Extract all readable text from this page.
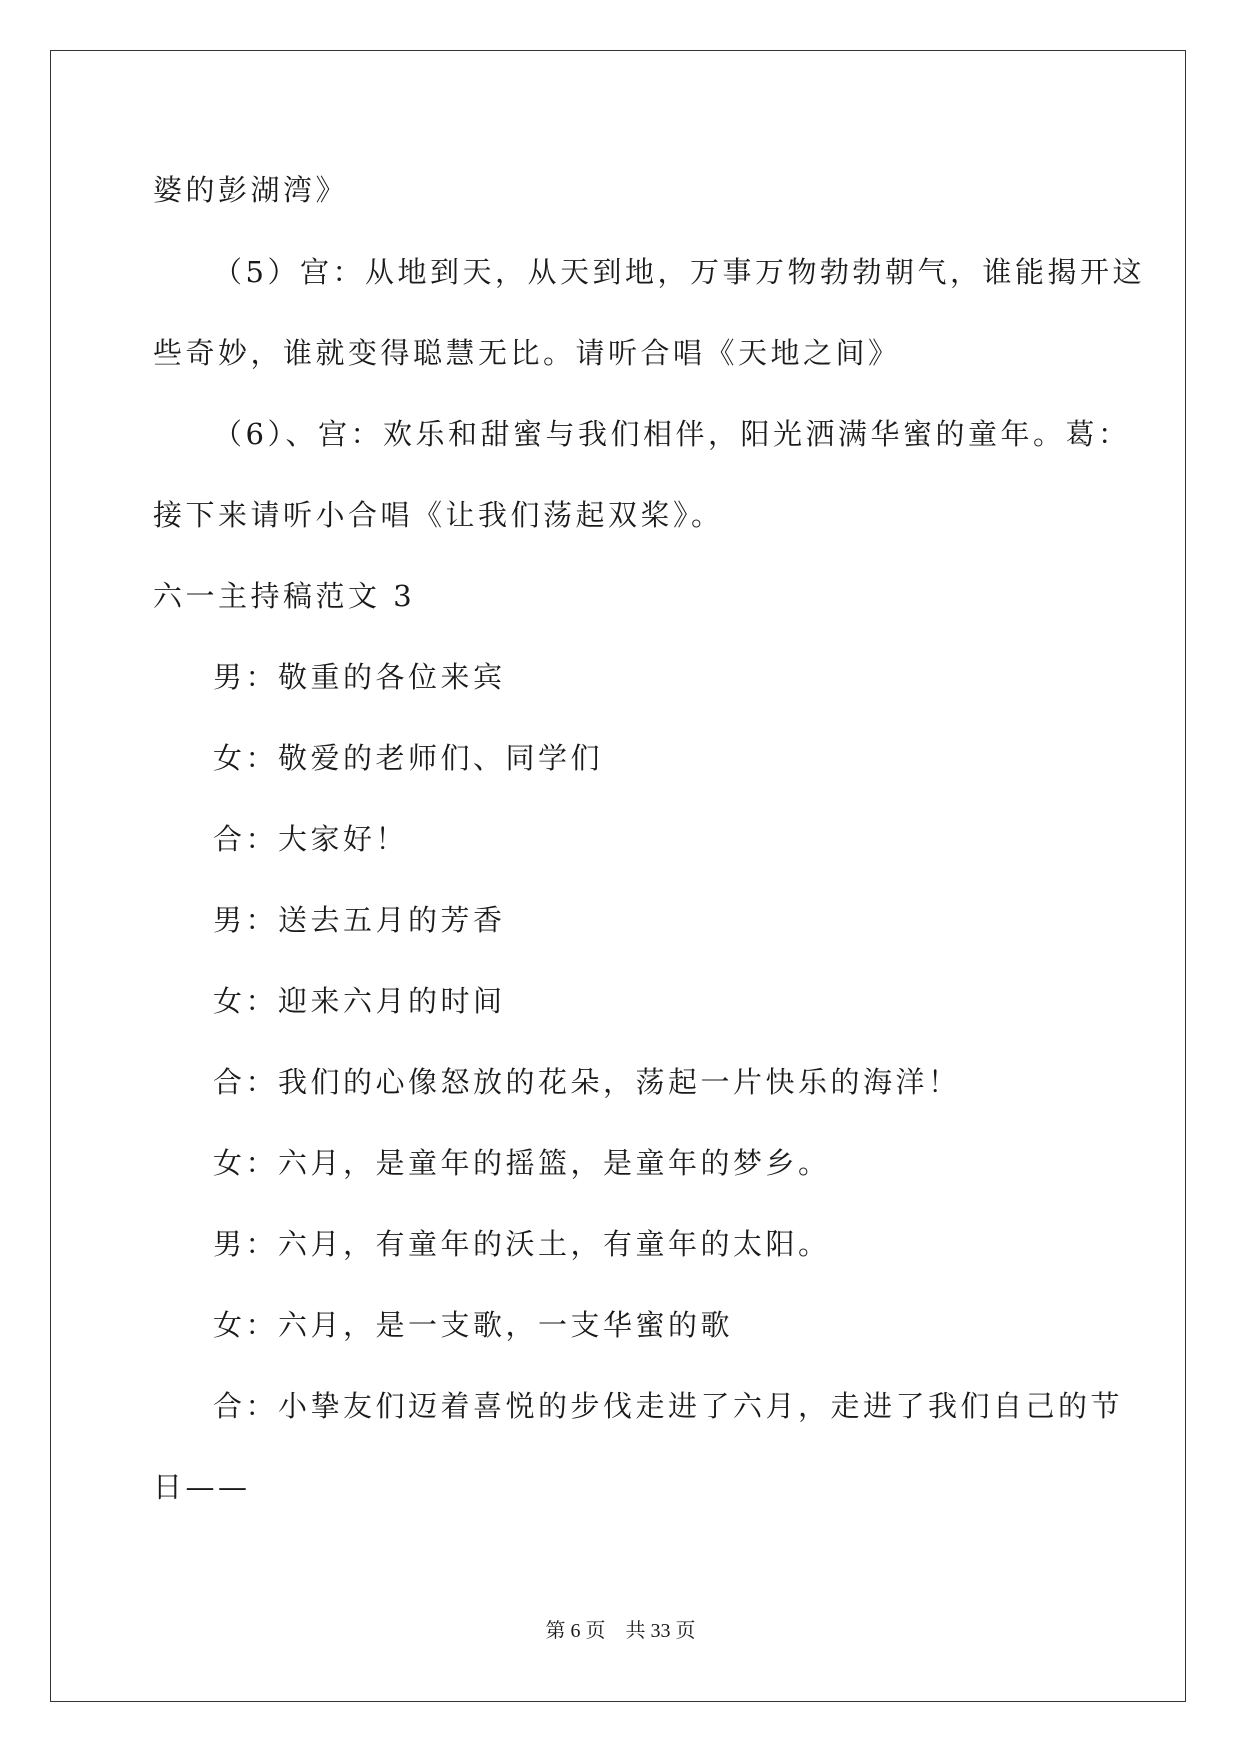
婆的彭湖湾》
（5）宫：从地到天，从天到地，万事万物勃勃朝气，谁能揭开这
些奇妙，谁就变得聪慧无比。请听合唱《天地之间》
（6）、宫：欢乐和甜蜜与我们相伴，阳光洒满华蜜的童年。葛：
接下来请听小合唱《让我们荡起双桨》。
六一主持稿范文 3
男：敬重的各位来宾
女：敬爱的老师们、同学们
合：大家好！
男：送去五月的芳香
女：迎来六月的时间
合：我们的心像怒放的花朵，荡起一片快乐的海洋！
女：六月，是童年的摇篮，是童年的梦乡。
男：六月，有童年的沃土，有童年的太阳。
女：六月，是一支歌，一支华蜜的歌
合：小挚友们迈着喜悦的步伐走进了六月，走进了我们自己的节
日——
第 6 页    共 33 页
